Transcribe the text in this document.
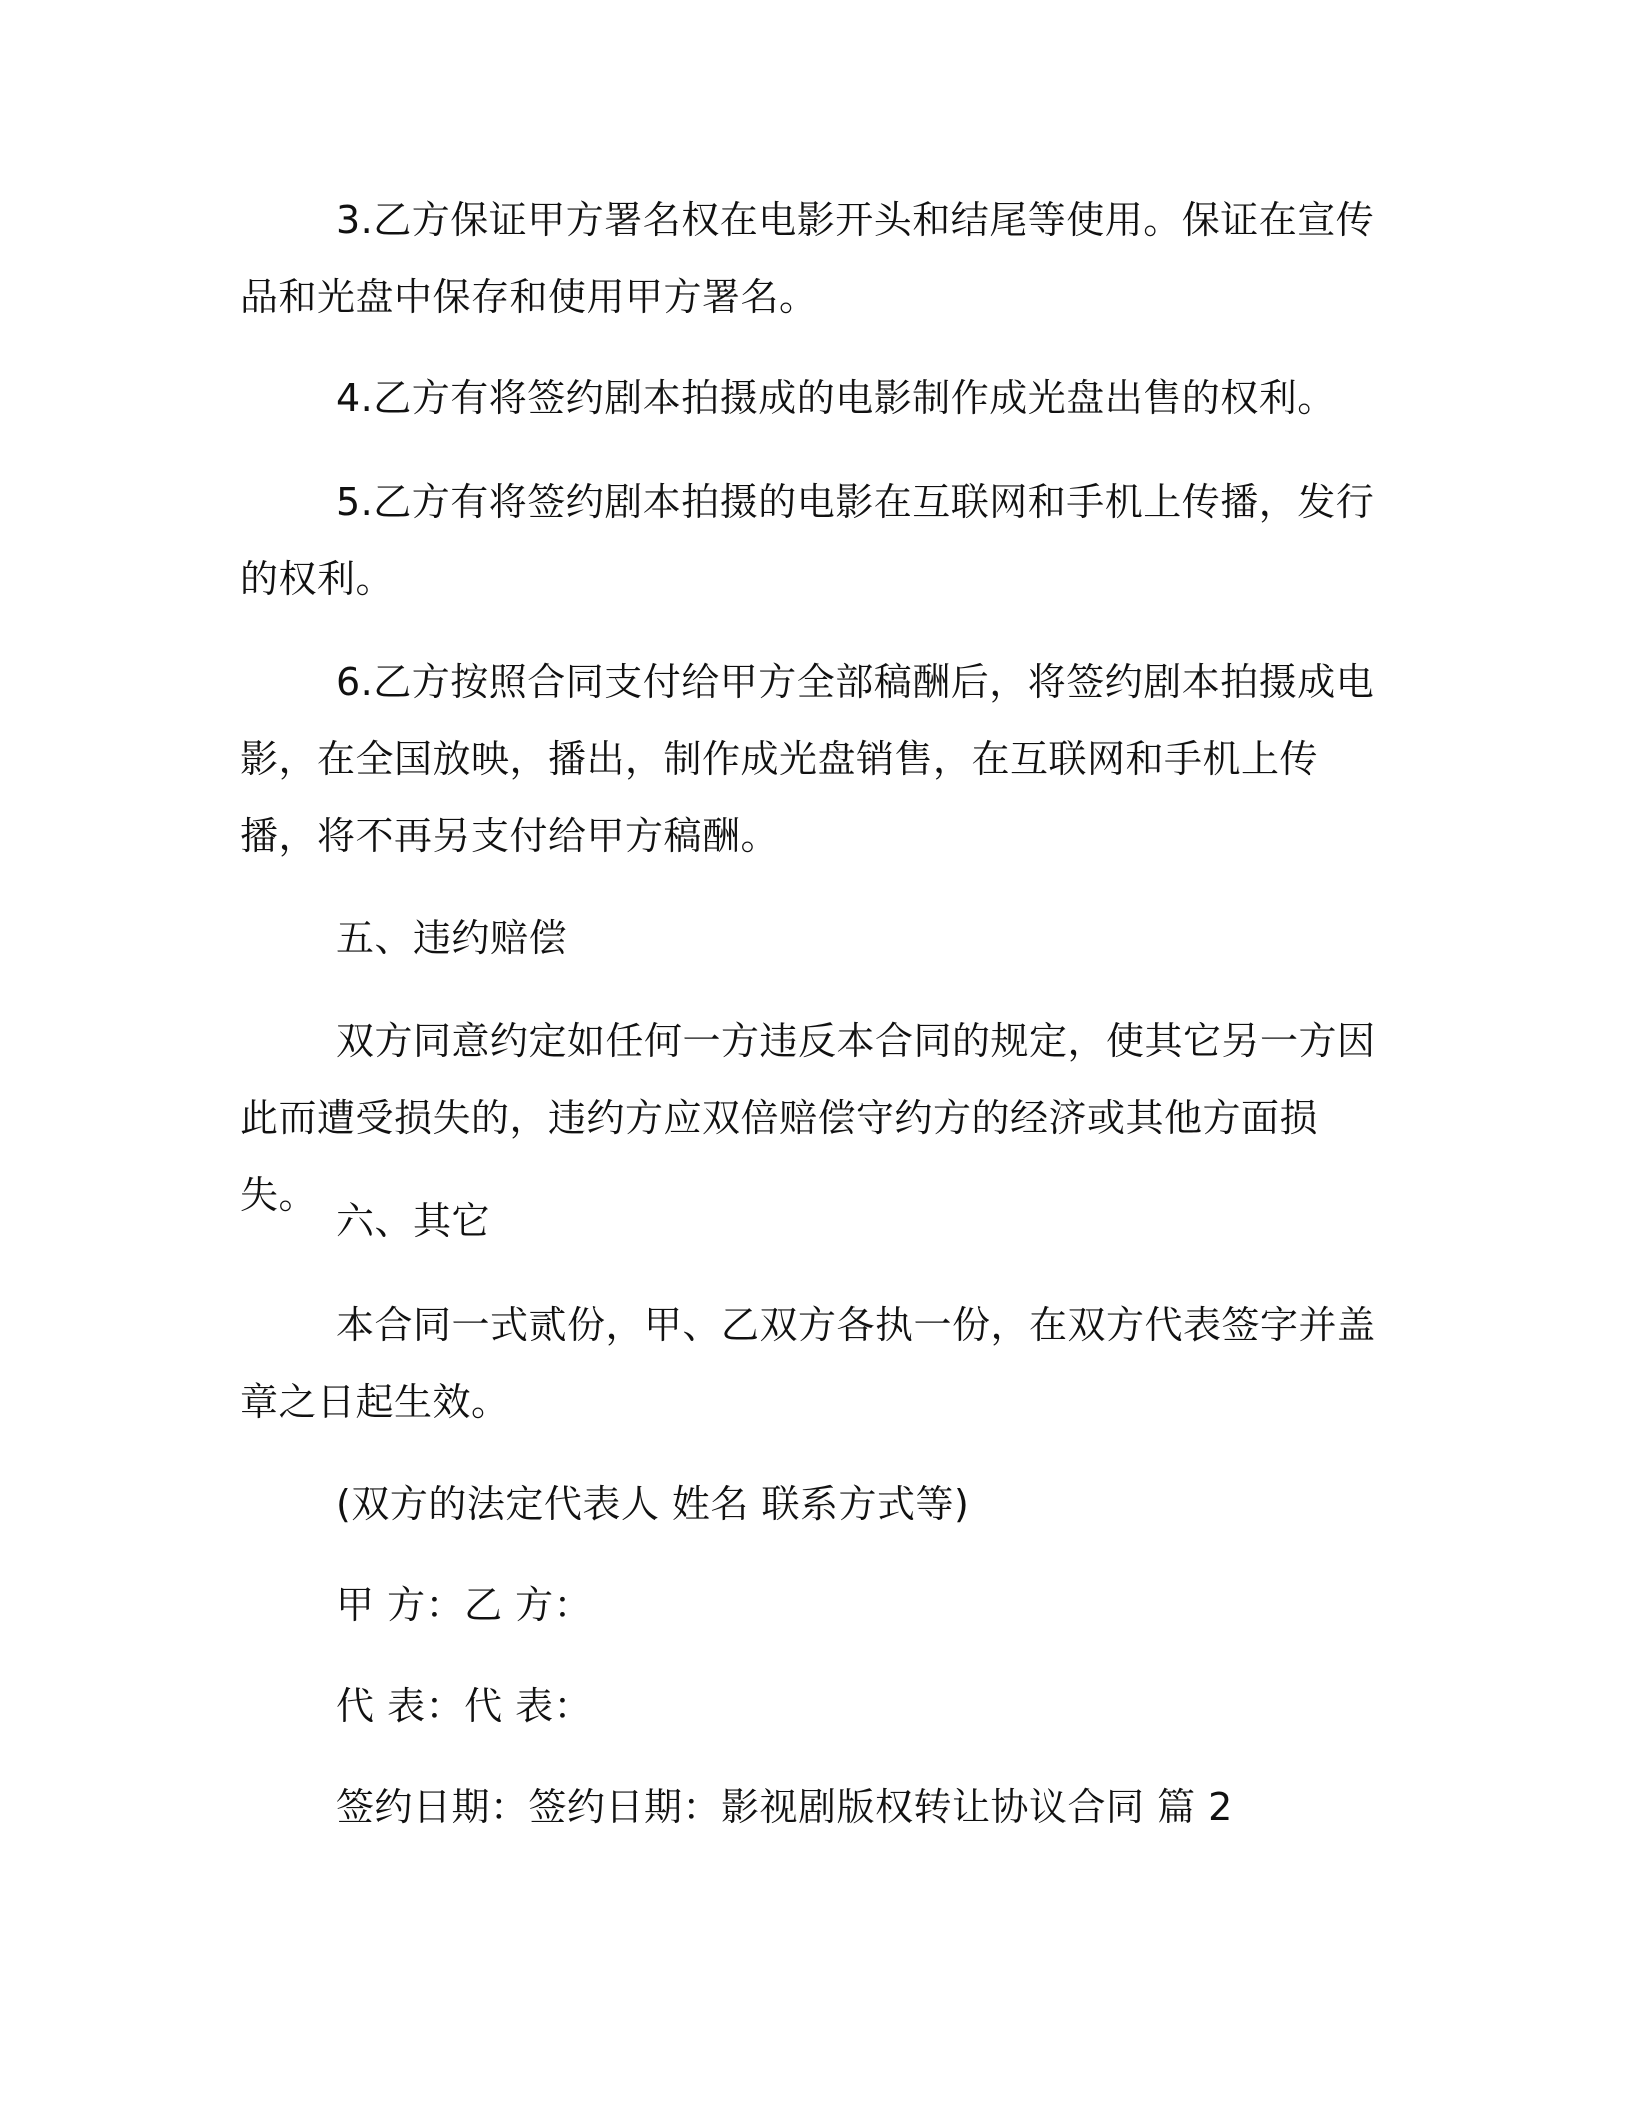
3.乙方保证甲方署名权在电影开头和结尾等使用。保证在宣传品和光盘中保存和使用甲方署名。

4.乙方有将签约剧本拍摄成的电影制作成光盘出售的权利。

5.乙方有将签约剧本拍摄的电影在互联网和手机上传播，发行的权利。

6.乙方按照合同支付给甲方全部稿酬后，将签约剧本拍摄成电影，在全国放映，播出，制作成光盘销售，在互联网和手机上传播，将不再另支付给甲方稿酬。

五、违约赔偿

双方同意约定如任何一方违反本合同的规定，使其它另一方因此而遭受损失的，违约方应双倍赔偿守约方的经济或其他方面损失。

六、其它

本合同一式贰份，甲、乙双方各执一份，在双方代表签字并盖章之日起生效。

(双方的法定代表人 姓名 联系方式等)

甲 方：乙 方：

代 表：代 表：

签约日期：签约日期：影视剧版权转让协议合同 篇 2
